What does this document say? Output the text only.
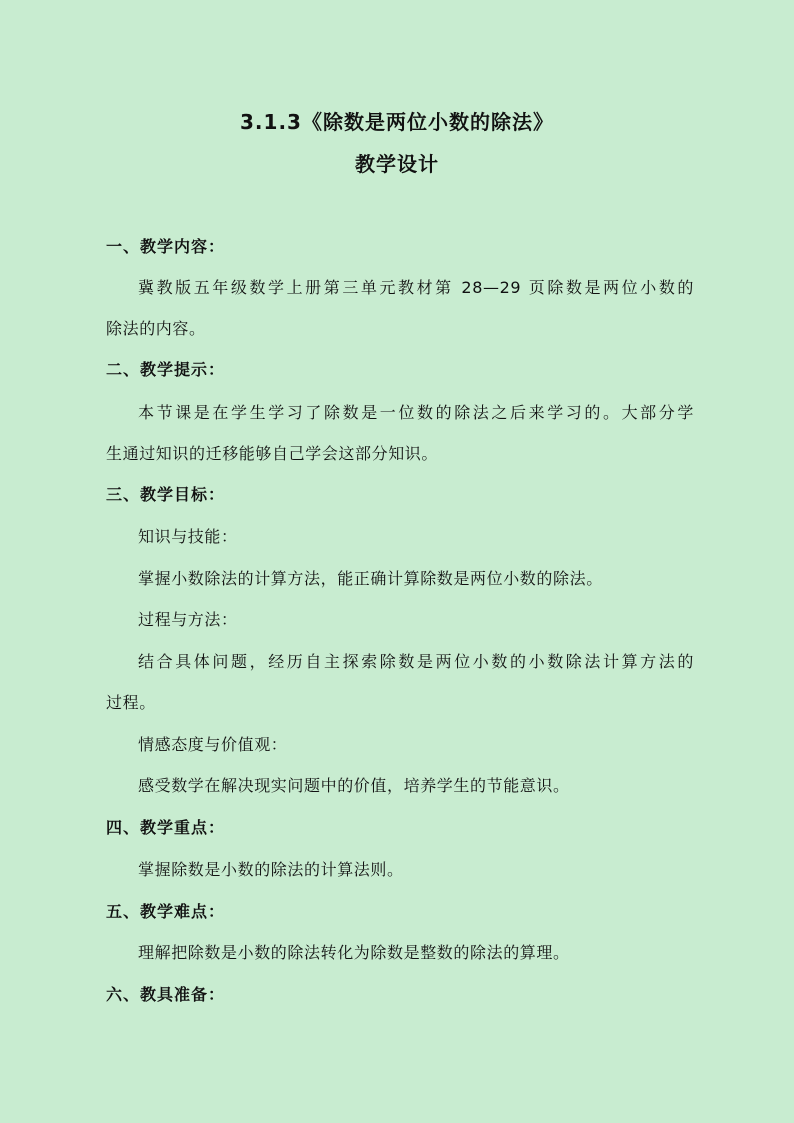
3.1.3《除数是两位小数的除法》
教学设计
一、教学内容：
冀教版五年级数学上册第三单元教材第 28—29 页除数是两位小数的
除法的内容。
二、教学提示：
本节课是在学生学习了除数是一位数的除法之后来学习的。大部分学
生通过知识的迁移能够自己学会这部分知识。
三、教学目标：
知识与技能：
掌握小数除法的计算方法，能正确计算除数是两位小数的除法。
过程与方法：
结合具体问题，经历自主探索除数是两位小数的小数除法计算方法的
过程。
情感态度与价值观：
感受数学在解决现实问题中的价值，培养学生的节能意识。
四、教学重点：
掌握除数是小数的除法的计算法则。
五、教学难点：
理解把除数是小数的除法转化为除数是整数的除法的算理。
六、教具准备：
